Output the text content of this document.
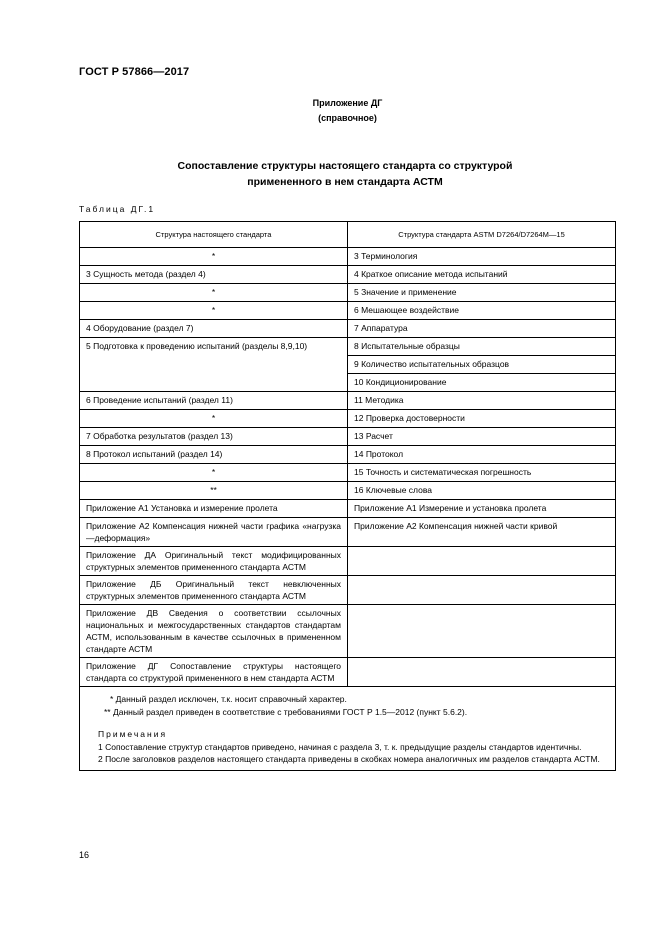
ГОСТ Р 57866—2017
Приложение ДГ
(справочное)
Сопоставление структуры настоящего стандарта со структурой
примененного в нем стандарта АСТМ
Таблица ДГ.1
Структура настоящего стандарта	Структура стандарта ASTM D7264/D7264M—15
*	3 Терминология
3 Сущность метода (раздел 4)	4 Краткое описание метода испытаний
*	5 Значение и применение
*	6 Мешающее воздействие
4 Оборудование (раздел 7)	7 Аппаратура
5 Подготовка к проведению испытаний (разделы 8,9,10)	8 Испытательные образцы
	9 Количество испытательных образцов
	10 Кондиционирование
6 Проведение испытаний (раздел 11)	11 Методика
*	12 Проверка достоверности
7 Обработка результатов (раздел 13)	13 Расчет
8 Протокол испытаний (раздел 14)	14 Протокол
*	15 Точность и систематическая погрешность
**	16 Ключевые слова
Приложение А1 Установка и измерение пролета	Приложение А1 Измерение и установка пролета
Приложение А2 Компенсация нижней части графика «нагрузка—деформация»	Приложение А2 Компенсация нижней части кривой
Приложение ДА Оригинальный текст модифицированных структурных элементов примененного стандарта АСТМ	
Приложение ДБ Оригинальный текст невключенных структурных элементов примененного стандарта АСТМ	
Приложение ДВ Сведения о соответствии ссылочных национальных и межгосударственных стандартов стандартам АСТМ, использованным в качестве ссылочных в примененном стандарте АСТМ	
Приложение ДГ Сопоставление структуры настоящего стандарта со структурой примененного в нем стандарта АСТМ	

* Данный раздел исключен, т.к. носит справочный характер.
** Данный раздел приведен в соответствие с требованиями ГОСТ Р 1.5—2012 (пункт 5.6.2).
Примечания
1 Сопоставление структур стандартов приведено, начиная с раздела 3, т. к. предыдущие разделы стандартов идентичны.
2 После заголовков разделов настоящего стандарта приведены в скобках номера аналогичных им разделов стандарта АСТМ.	
16
